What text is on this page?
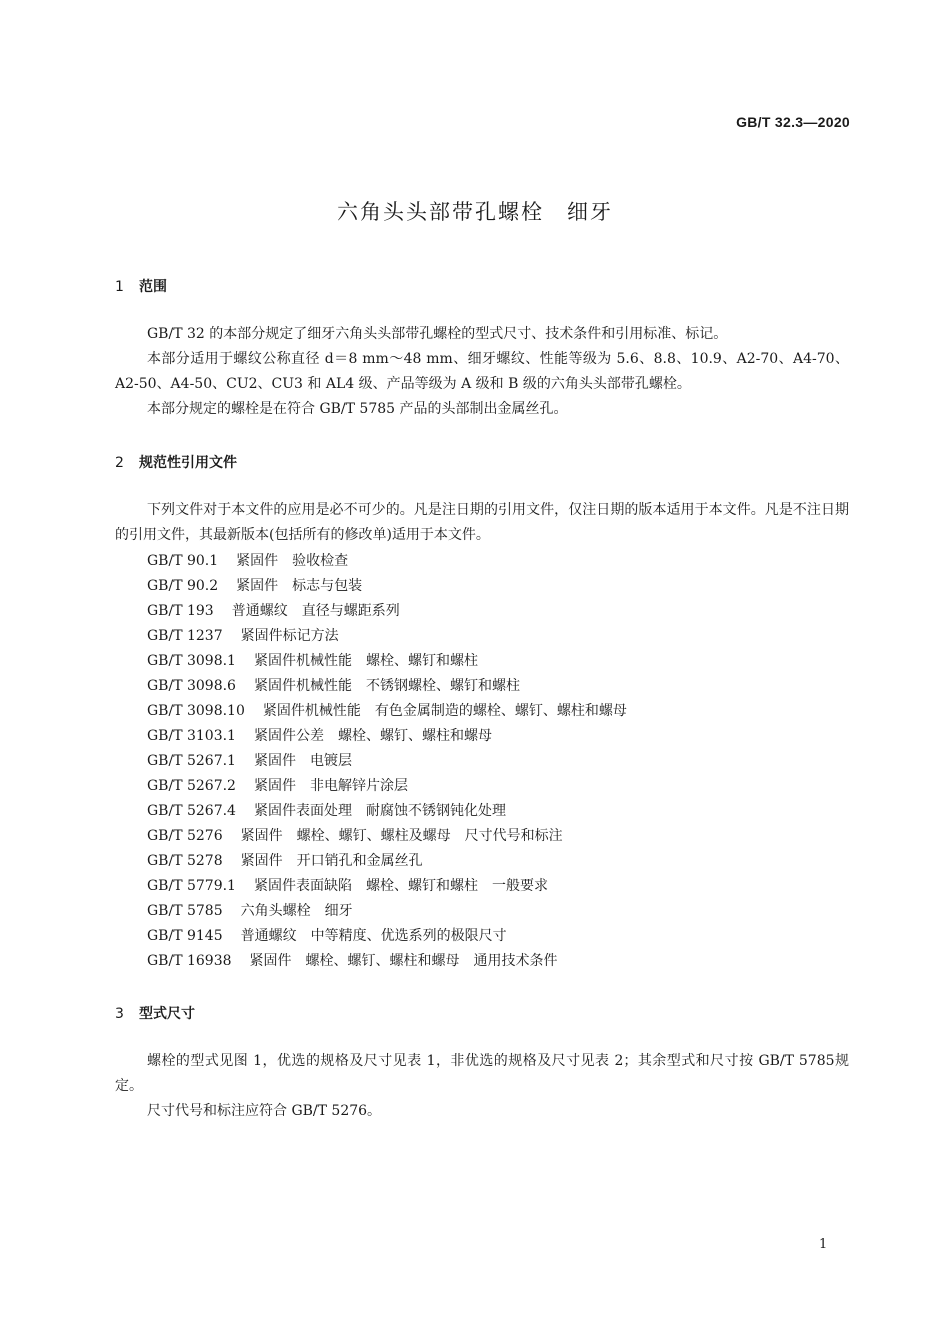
GB/T 32.3—2020
六角头头部带孔螺栓　细牙
1 范围
GB/T 32 的本部分规定了细牙六角头头部带孔螺栓的型式尺寸、技术条件和引用标准、标记。
本部分适用于螺纹公称直径 d＝8 mm～48 mm、细牙螺纹、性能等级为 5.6、8.8、10.9、A2-70、A4-70、A2-50、A4-50、CU2、CU3 和 AL4 级、产品等级为 A 级和 B 级的六角头头部带孔螺栓。
本部分规定的螺栓是在符合 GB/T 5785 产品的头部制出金属丝孔。
2 规范性引用文件
下列文件对于本文件的应用是必不可少的。凡是注日期的引用文件，仅注日期的版本适用于本文件。凡是不注日期的引用文件，其最新版本(包括所有的修改单)适用于本文件。
GB/T 90.1 紧固件　验收检查
GB/T 90.2 紧固件　标志与包装
GB/T 193 普通螺纹　直径与螺距系列
GB/T 1237 紧固件标记方法
GB/T 3098.1 紧固件机械性能　螺栓、螺钉和螺柱
GB/T 3098.6 紧固件机械性能　不锈钢螺栓、螺钉和螺柱
GB/T 3098.10 紧固件机械性能　有色金属制造的螺栓、螺钉、螺柱和螺母
GB/T 3103.1 紧固件公差　螺栓、螺钉、螺柱和螺母
GB/T 5267.1 紧固件　电镀层
GB/T 5267.2 紧固件　非电解锌片涂层
GB/T 5267.4 紧固件表面处理　耐腐蚀不锈钢钝化处理
GB/T 5276 紧固件　螺栓、螺钉、螺柱及螺母　尺寸代号和标注
GB/T 5278 紧固件　开口销孔和金属丝孔
GB/T 5779.1 紧固件表面缺陷　螺栓、螺钉和螺柱　一般要求
GB/T 5785 六角头螺栓　细牙
GB/T 9145 普通螺纹　中等精度、优选系列的极限尺寸
GB/T 16938 紧固件　螺栓、螺钉、螺柱和螺母　通用技术条件
3 型式尺寸
螺栓的型式见图 1，优选的规格及尺寸见表 1，非优选的规格及尺寸见表 2；其余型式和尺寸按 GB/T 5785规定。
尺寸代号和标注应符合 GB/T 5276。
1
